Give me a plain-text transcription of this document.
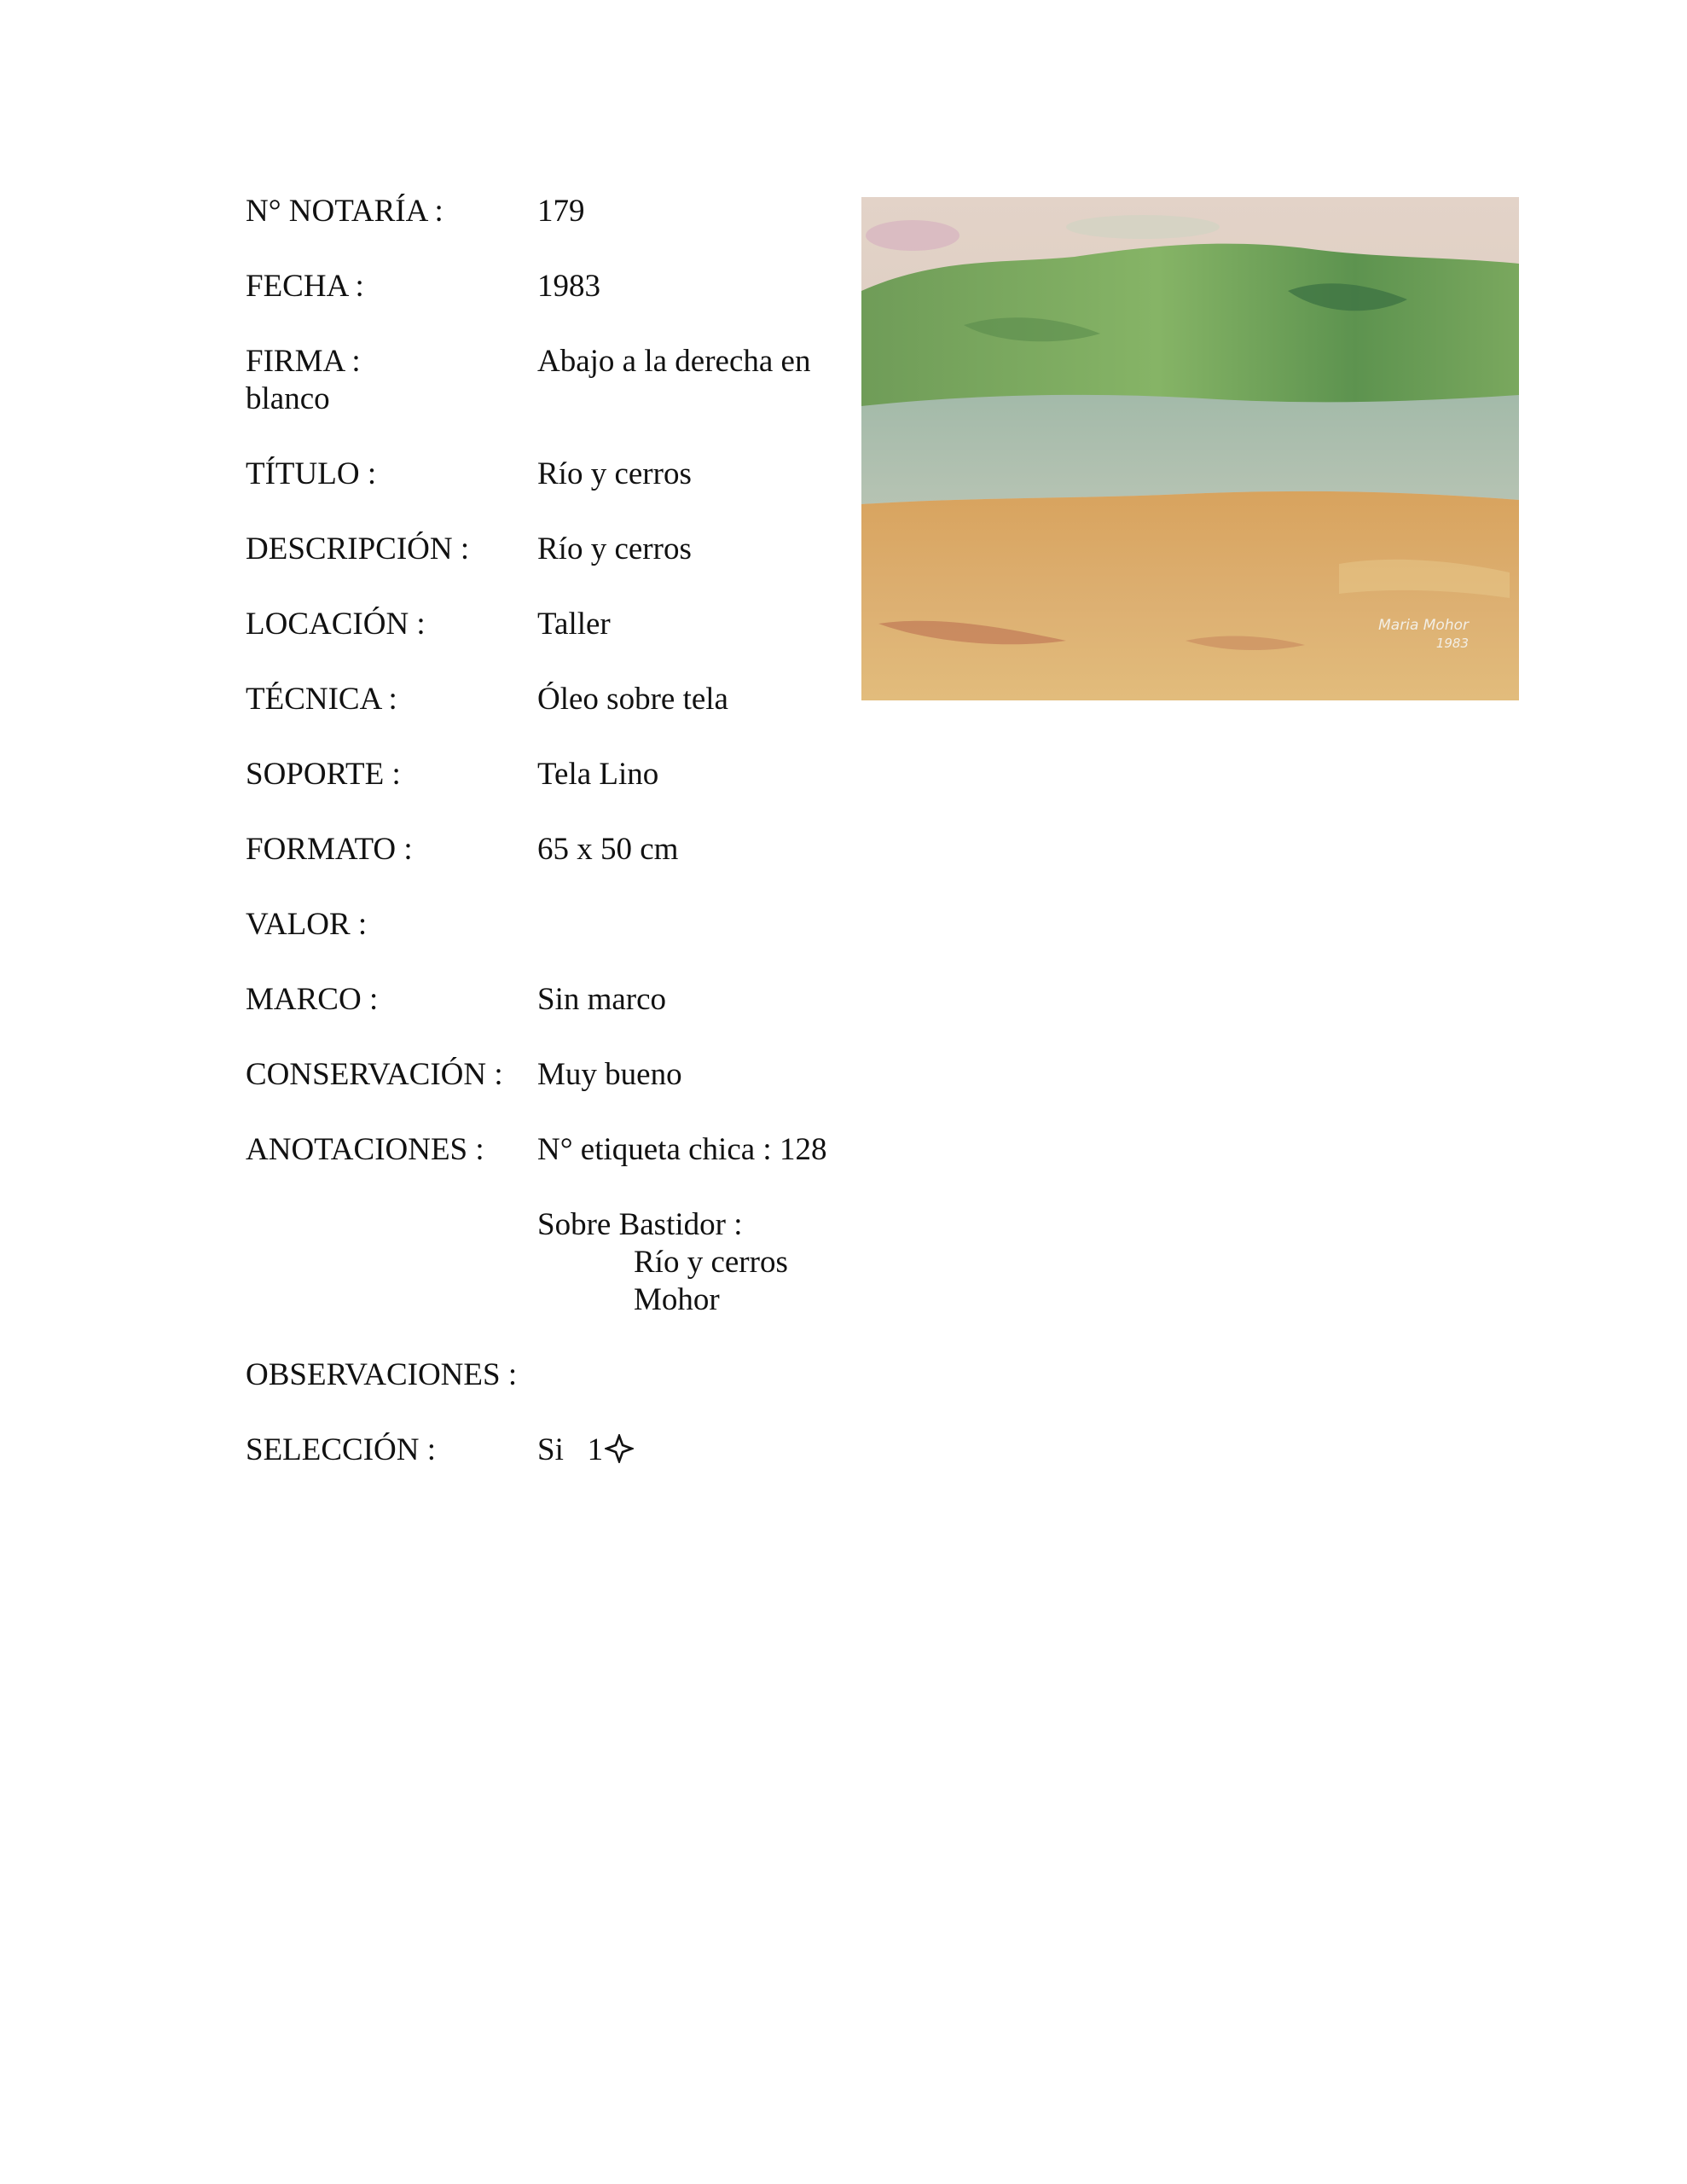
N° NOTARÍA :	179
FECHA :	1983
FIRMA :	Abajo a la derecha en
blanco
TÍTULO :	Río y cerros
DESCRIPCIÓN :	Río y cerros
LOCACIÓN :	Taller
TÉCNICA :	Óleo sobre tela
SOPORTE :	Tela Lino
FORMATO :	65 x 50 cm
VALOR :
MARCO :	Sin marco
CONSERVACIÓN :	Muy bueno
ANOTACIONES :	N° etiqueta chica : 128
Sobre Bastidor :
Río y cerros
Mohor
OBSERVACIONES :
SELECCIÓN :	Si   1
Maria Mohor
1983
